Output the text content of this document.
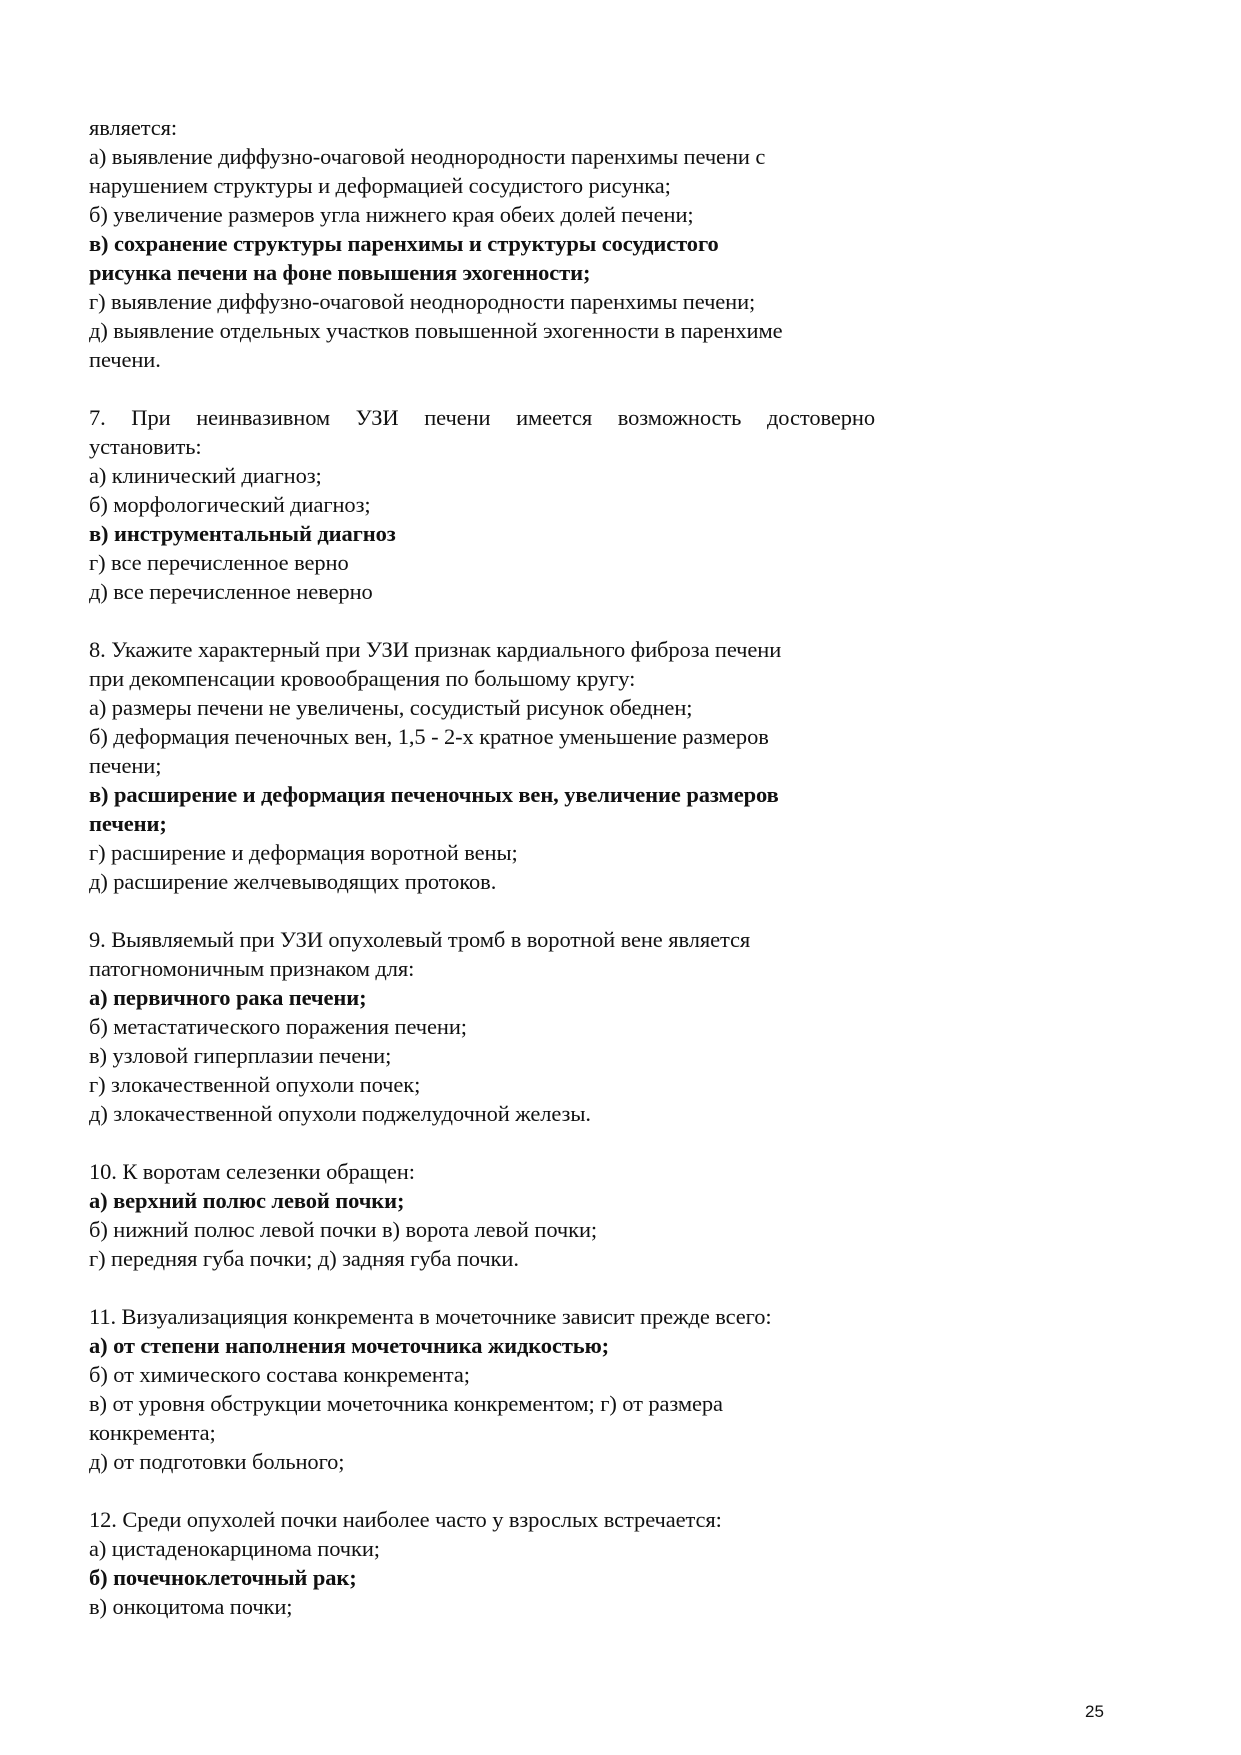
является:
а) выявление диффузно-очаговой неоднородности паренхимы печени с
нарушением структуры и деформацией сосудистого рисунка;
б) увеличение размеров угла нижнего края обеих долей печени;
в) сохранение структуры паренхимы и структуры сосудистого
рисунка печени на фоне повышения эхогенности;
г) выявление диффузно-очаговой неоднородности паренхимы печени;
д) выявление отдельных участков повышенной эхогенности в паренхиме
печени.
7. При неинвазивном УЗИ печени имеется возможность достоверно
установить:
а) клинический диагноз;
б) морфологический диагноз;
в) инструментальный диагноз
г) все перечисленное верно
д) все перечисленное неверно
8. Укажите характерный при УЗИ признак кардиального фиброза печени
при декомпенсации кровообращения по большому кругу:
а) размеры печени не увеличены, сосудистый рисунок обеднен;
б) деформация печеночных вен, 1,5 - 2-х кратное уменьшение размеров
печени;
в) расширение и деформация печеночных вен, увеличение размеров
печени;
г) расширение и деформация воротной вены;
д) расширение желчевыводящих протоков.
9. Выявляемый при УЗИ опухолевый тромб в воротной вене является
патогномоничным признаком для:
а) первичного рака печени;
б) метастатического поражения печени;
в) узловой гиперплазии печени;
г) злокачественной опухоли почек;
д) злокачественной опухоли поджелудочной железы.
10. К воротам селезенки обращен:
а) верхний полюс левой почки;
б) нижний полюс левой почки в) ворота левой почки;
г) передняя губа почки; д) задняя губа почки.
11. Визуализацияция конкремента в мочеточнике зависит прежде всего:
а) от степени наполнения мочеточника жидкостью;
б) от химического состава конкремента;
в) от уровня обструкции мочеточника конкрементом; г) от размера
конкремента;
д) от подготовки больного;
12. Среди опухолей почки наиболее часто у взрослых встречается:
а) цистаденокарцинома почки;
б) почечноклеточный рак;
в) онкоцитома почки;
25
